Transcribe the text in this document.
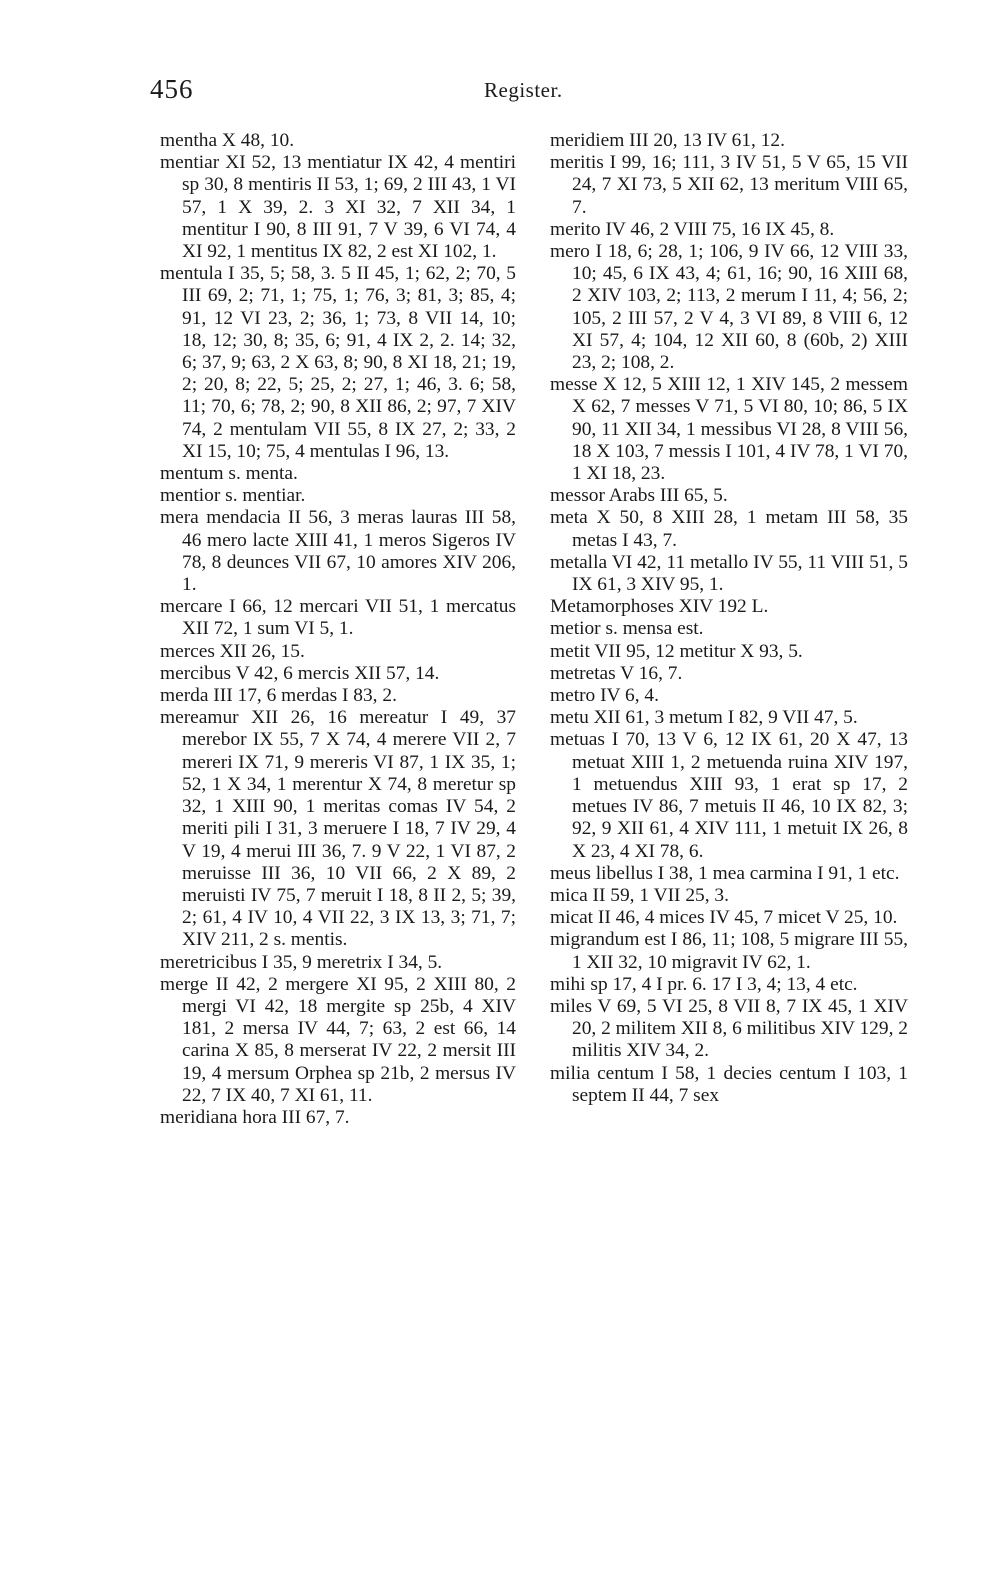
456	Register.

mentha X 48, 10.

mentiar XI 52, 13 mentiatur IX 42, 4 mentiri sp 30, 8 mentiris II 53, 1; 69, 2 III 43, 1 VI 57, 1 X 39, 2. 3 XI 32, 7 XII 34, 1 mentitur I 90, 8 III 91, 7 V 39, 6 VI 74, 4 XI 92, 1 mentitus IX 82, 2 est XI 102, 1.

mentula I 35, 5; 58, 3. 5 II 45, 1; 62, 2; 70, 5 III 69, 2; 71, 1; 75, 1; 76, 3; 81, 3; 85, 4; 91, 12 VI 23, 2; 36, 1; 73, 8 VII 14, 10; 18, 12; 30, 8; 35, 6; 91, 4 IX 2, 2. 14; 32, 6; 37, 9; 63, 2 X 63, 8; 90, 8 XI 18, 21; 19, 2; 20, 8; 22, 5; 25, 2; 27, 1; 46, 3. 6; 58, 11; 70, 6; 78, 2; 90, 8 XII 86, 2; 97, 7 XIV 74, 2 mentulam VII 55, 8 IX 27, 2; 33, 2 XI 15, 10; 75, 4 mentulas I 96, 13.

mentum s. menta.

mentior s. mentiar.

mera mendacia II 56, 3 meras lauras III 58, 46 mero lacte XIII 41, 1 meros Sigeros IV 78, 8 deunces VII 67, 10 amores XIV 206, 1.

mercare I 66, 12 mercari VII 51, 1 mercatus XII 72, 1 sum VI 5, 1.

merces XII 26, 15.

mercibus V 42, 6 mercis XII 57, 14.

merda III 17, 6 merdas I 83, 2.

mereamur XII 26, 16 mereatur I 49, 37 merebor IX 55, 7 X 74, 4 merere VII 2, 7 mereri IX 71, 9 mereris VI 87, 1 IX 35, 1; 52, 1 X 34, 1 merentur X 74, 8 meretur sp 32, 1 XIII 90, 1 meritas comas IV 54, 2 meriti pili I 31, 3 meruere I 18, 7 IV 29, 4 V 19, 4 merui III 36, 7. 9 V 22, 1 VI 87, 2 meruisse III 36, 10 VII 66, 2 X 89, 2 meruisti IV 75, 7 meruit I 18, 8 II 2, 5; 39, 2; 61, 4 IV 10, 4 VII 22, 3 IX 13, 3; 71, 7; XIV 211, 2 s. mentis.

meretricibus I 35, 9 meretrix I 34, 5.

merge II 42, 2 mergere XI 95, 2 XIII 80, 2 mergi VI 42, 18 mergite sp 25b, 4 XIV 181, 2 mersa IV 44, 7; 63, 2 est 66, 14 carina X 85, 8 merserat IV 22, 2 mersit III 19, 4 mersum Orphea sp 21b, 2 mersus IV 22, 7 IX 40, 7 XI 61, 11.

meridiana hora III 67, 7.

meridiem III 20, 13 IV 61, 12.

meritis I 99, 16; 111, 3 IV 51, 5 V 65, 15 VII 24, 7 XI 73, 5 XII 62, 13 meritum VIII 65, 7.

merito IV 46, 2 VIII 75, 16 IX 45, 8.

mero I 18, 6; 28, 1; 106, 9 IV 66, 12 VIII 33, 10; 45, 6 IX 43, 4; 61, 16; 90, 16 XIII 68, 2 XIV 103, 2; 113, 2 merum I 11, 4; 56, 2; 105, 2 III 57, 2 V 4, 3 VI 89, 8 VIII 6, 12 XI 57, 4; 104, 12 XII 60, 8 (60b, 2) XIII 23, 2; 108, 2.

messe X 12, 5 XIII 12, 1 XIV 145, 2 messem X 62, 7 messes V 71, 5 VI 80, 10; 86, 5 IX 90, 11 XII 34, 1 messibus VI 28, 8 VIII 56, 18 X 103, 7 messis I 101, 4 IV 78, 1 VI 70, 1 XI 18, 23.

messor Arabs III 65, 5.

meta X 50, 8 XIII 28, 1 metam III 58, 35 metas I 43, 7.

metalla VI 42, 11 metallo IV 55, 11 VIII 51, 5 IX 61, 3 XIV 95, 1.

Metamorphoses XIV 192 L.

metior s. mensa est.

metit VII 95, 12 metitur X 93, 5.

metretas V 16, 7.

metro IV 6, 4.

metu XII 61, 3 metum I 82, 9 VII 47, 5.

metuas I 70, 13 V 6, 12 IX 61, 20 X 47, 13 metuat XIII 1, 2 metuenda ruina XIV 197, 1 metuendus XIII 93, 1 erat sp 17, 2 metues IV 86, 7 metuis II 46, 10 IX 82, 3; 92, 9 XII 61, 4 XIV 111, 1 metuit IX 26, 8 X 23, 4 XI 78, 6.

meus libellus I 38, 1 mea carmina I 91, 1 etc.

mica II 59, 1 VII 25, 3.

micat II 46, 4 mices IV 45, 7 micet V 25, 10.

migrandum est I 86, 11; 108, 5 migrare III 55, 1 XII 32, 10 migravit IV 62, 1.

mihi sp 17, 4 I pr. 6. 17 I 3, 4; 13, 4 etc.

miles V 69, 5 VI 25, 8 VII 8, 7 IX 45, 1 XIV 20, 2 militem XII 8, 6 militibus XIV 129, 2 militis XIV 34, 2.

milia centum I 58, 1 decies centum I 103, 1 septem II 44, 7 sex
